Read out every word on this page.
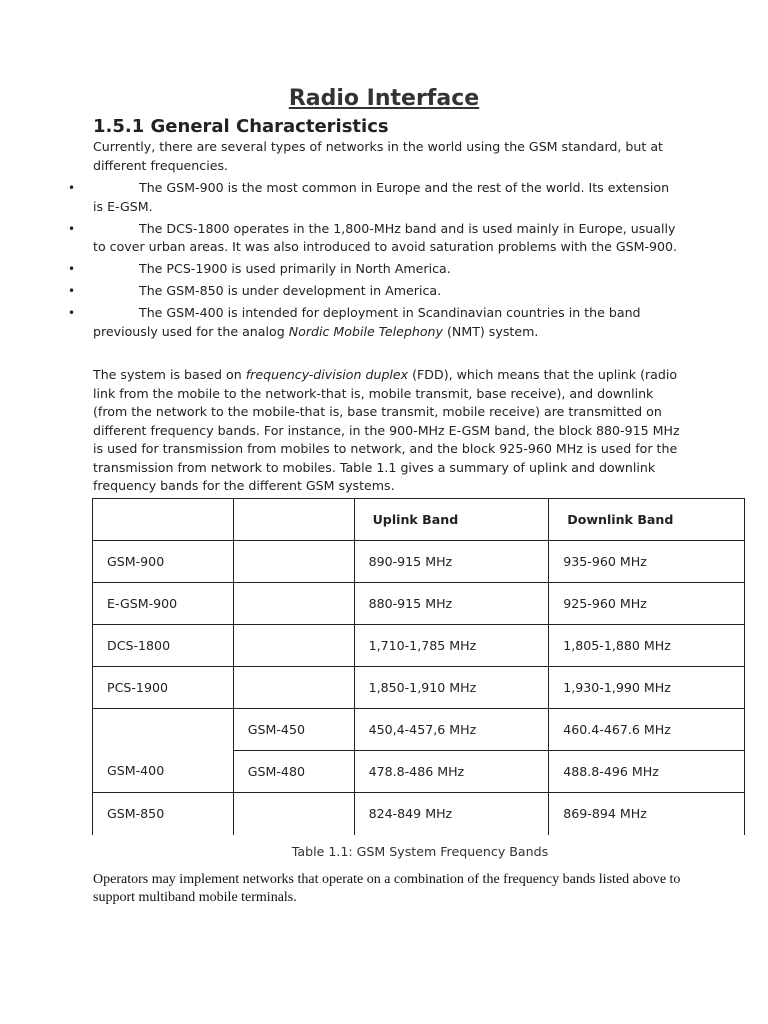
Radio Interface
1.5.1 General Characteristics

Currently, there are several types of networks in the world using the GSM standard, but at different frequencies.

•	The GSM-900 is the most common in Europe and the rest of the world. Its extension is E-GSM.
•	The DCS-1800 operates in the 1,800-MHz band and is used mainly in Europe, usually to cover urban areas. It was also introduced to avoid saturation problems with the GSM-900.
•	The PCS-1900 is used primarily in North America.
•	The GSM-850 is under development in America.
•	The GSM-400 is intended for deployment in Scandinavian countries in the band previously used for the analog Nordic Mobile Telephony (NMT) system.

The system is based on frequency-division duplex (FDD), which means that the uplink (radio link from the mobile to the network-that is, mobile transmit, base receive), and downlink (from the network to the mobile-that is, base transmit, mobile receive) are transmitted on different frequency bands. For instance, in the 900-MHz E-GSM band, the block 880-915 MHz is used for transmission from mobiles to network, and the block 925-960 MHz is used for the transmission from network to mobiles. Table 1.1 gives a summary of uplink and downlink frequency bands for the different GSM systems.

		Uplink Band	Downlink Band
GSM-900		890-915 MHz	935-960 MHz
E-GSM-900		880-915 MHz	925-960 MHz
DCS-1800		1,710-1,785 MHz	1,805-1,880 MHz
PCS-1900		1,850-1,910 MHz	1,930-1,990 MHz
GSM-400	GSM-450	450,4-457,6 MHz	460.4-467.6 MHz
	GSM-480	478.8-486 MHz	488.8-496 MHz
GSM-850		824-849 MHz	869-894 MHz

Table 1.1: GSM System Frequency Bands

Operators may implement networks that operate on a combination of the frequency bands listed above to support multiband mobile terminals.
